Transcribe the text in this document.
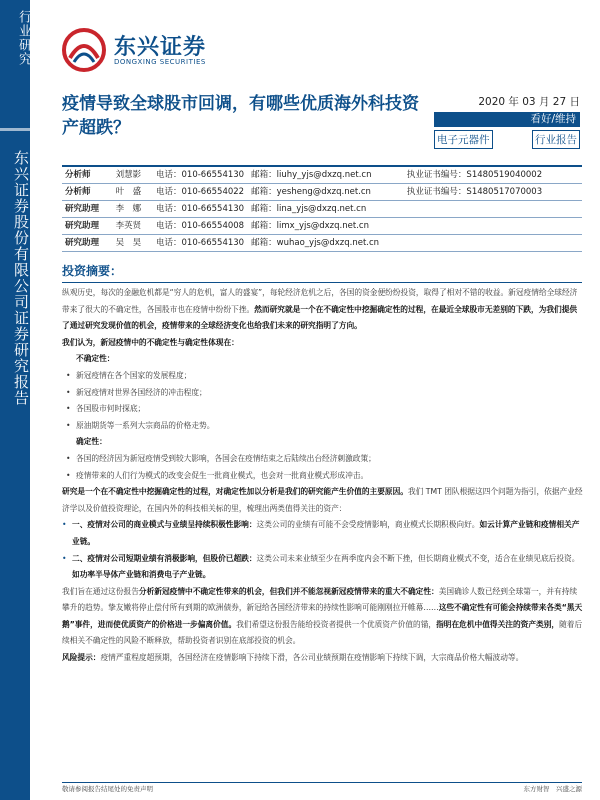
行业研究
东兴证券股份有限公司证券研究报告
东兴证券
DONGXING SECURITIES
疫情导致全球股市回调，有哪些优质海外科技资产超跌？
2020 年 03 月 27 日
看好/维持
电子元器件	行业报告
分析师	刘慧影	电话：010-66554130	邮箱：liuhy_yjs@dxzq.net.cn	执业证书编号：S1480519040002
分析师	叶　盛	电话：010-66554022	邮箱：yesheng@dxzq.net.cn	执业证书编号：S1480517070003
研究助理	李　娜	电话：010-66554130	邮箱：lina_yjs@dxzq.net.cn	
研究助理	李英贤	电话：010-66554008	邮箱：limx_yjs@dxzq.net.cn	
研究助理	吴　昊	电话：010-66554130	邮箱：wuhao_yjs@dxzq.net.cn	
投资摘要：

纵观历史，每次的金融危机都是“穷人的危机，富人的盛宴”，每轮经济危机之后，各国的资金便纷纷投资，取得了相对不错的收益。新冠疫情给全球经济带来了很大的不确定性，各国股市也在疫情中纷纷下挫。然而研究就是一个在不确定性中挖掘确定性的过程，在最近全球股市无差别的下跌，为我们提供了通过研究发现价值的机会，疫情带来的全球经济变化也给我们未来的研究指明了方向。

我们认为，新冠疫情中的不确定性与确定性体现在：

不确定性：

• 新冠疫情在各个国家的发展程度；

• 新冠疫情对世界各国经济的冲击程度；

• 各国股市何时探底；

• 原油期货等一系列大宗商品的价格走势。

确定性：

• 各国的经济因为新冠疫情受到较大影响，各国会在疫情结束之后陆续出台经济刺激政策；

• 疫情带来的人们行为模式的改变会促生一批商业模式，也会对一批商业模式形成冲击。

研究是一个在不确定性中挖掘确定性的过程，对确定性加以分析是我们的研究能产生价值的主要原因。我们 TMT 团队根据这四个问题为指引，依据产业经济学以及价值投资理论，在国内外的科技相关标的里，梳理出两类值得关注的资产：

• 一、疫情对公司的商业模式与业绩呈持续积极性影响：这类公司的业绩有可能不会受疫情影响，商业模式长期积极向好。如云计算产业链和疫情相关产业链。

• 二、疫情对公司短期业绩有消极影响，但股价已超跌：这类公司未来业绩至少在两季度内会不断下挫，但长期商业模式不变，适合在业绩见底后投资。如功率半导体产业链和消费电子产业链。

我们旨在通过这份报告分析新冠疫情中不确定性带来的机会，但我们并不能忽视新冠疫情带来的重大不确定性：美国确诊人数已经到全球第一，并有持续攀升的趋势。挚友嫩将停止偿付所有到期的欧洲债券，新冠给各国经济带来的持续性影响可能刚刚拉开帷幕……这些不确定性有可能会持续带来各类“黑天鹅”事件，进而使优质资产的价格进一步偏离价值。我们希望这份报告能给投资者提供一个优质资产价值的锚，指明在危机中值得关注的资产类别，随着后续相关不确定性的风险不断释放，帮助投资者识别在底部投资的机会。

风险提示：疫情严重程度超预期，各国经济在疫情影响下持续下滑，各公司业绩预期在疫情影响下持续下调，大宗商品价格大幅波动等。

敬请参阅报告结尾处的免责声明	东方财智　兴盛之源
